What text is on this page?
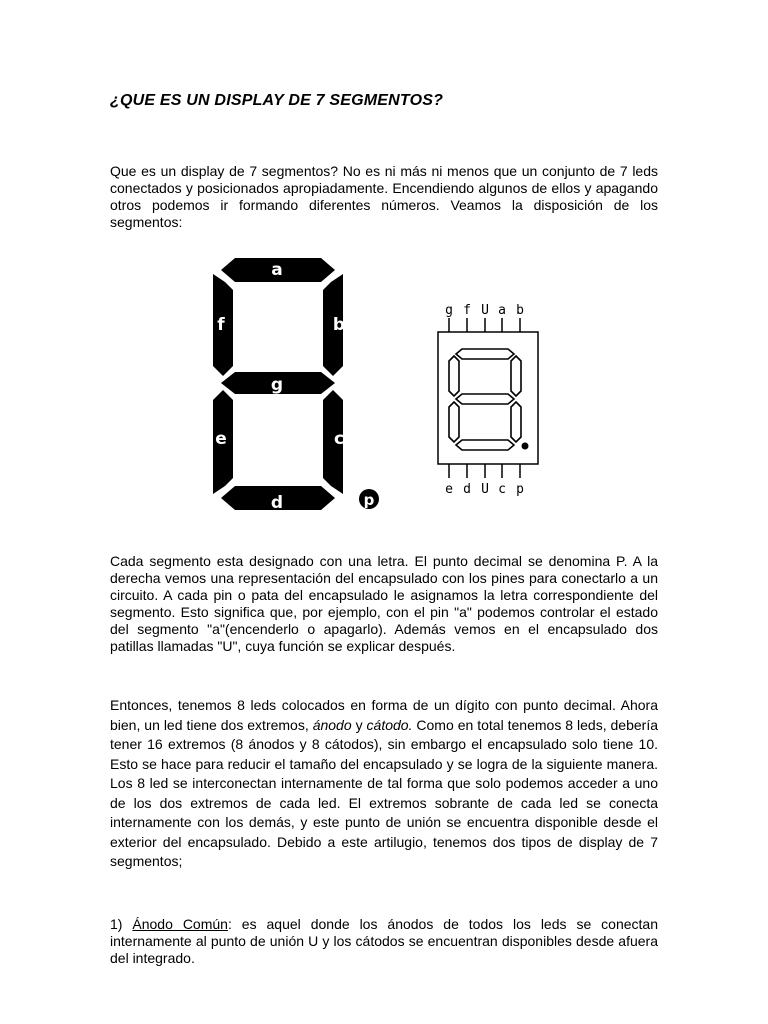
¿QUE ES UN DISPLAY DE 7 SEGMENTOS?

Que es un display de 7 segmentos? No es ni más ni menos que un conjunto de 7 leds conectados y posicionados apropiadamente. Encendiendo algunos de ellos y apagando otros podemos ir formando diferentes números. Veamos la disposición de los segmentos:

a
g
d
f	b
e	c
p
g f U a b
e d U c p

Cada segmento esta designado con una letra. El punto decimal se denomina P. A la derecha vemos una representación del encapsulado con los pines para conectarlo a un circuito. A cada pin o pata del encapsulado le asignamos la letra correspondiente del segmento. Esto significa que, por ejemplo, con el pin "a" podemos controlar el estado del segmento "a"(encenderlo o apagarlo). Además vemos en el encapsulado dos patillas llamadas "U", cuya función se explicar después.

Entonces, tenemos 8 leds colocados en forma de un dígito con punto decimal. Ahora bien, un led tiene dos extremos, ánodo y cátodo. Como en total tenemos 8 leds, debería tener 16 extremos (8 ánodos y 8 cátodos), sin embargo el encapsulado solo tiene 10. Esto se hace para reducir el tamaño del encapsulado y se logra de la siguiente manera. Los 8 led se interconectan internamente de tal forma que solo podemos acceder a uno de los dos extremos de cada led. El extremos sobrante de cada led se conecta internamente con los demás, y este punto de unión se encuentra disponible desde el exterior del encapsulado. Debido a este artilugio, tenemos dos tipos de display de 7 segmentos;

1) Ánodo Común: es aquel donde los ánodos de todos los leds se conectan internamente al punto de unión U y los cátodos se encuentran disponibles desde afuera del integrado.
